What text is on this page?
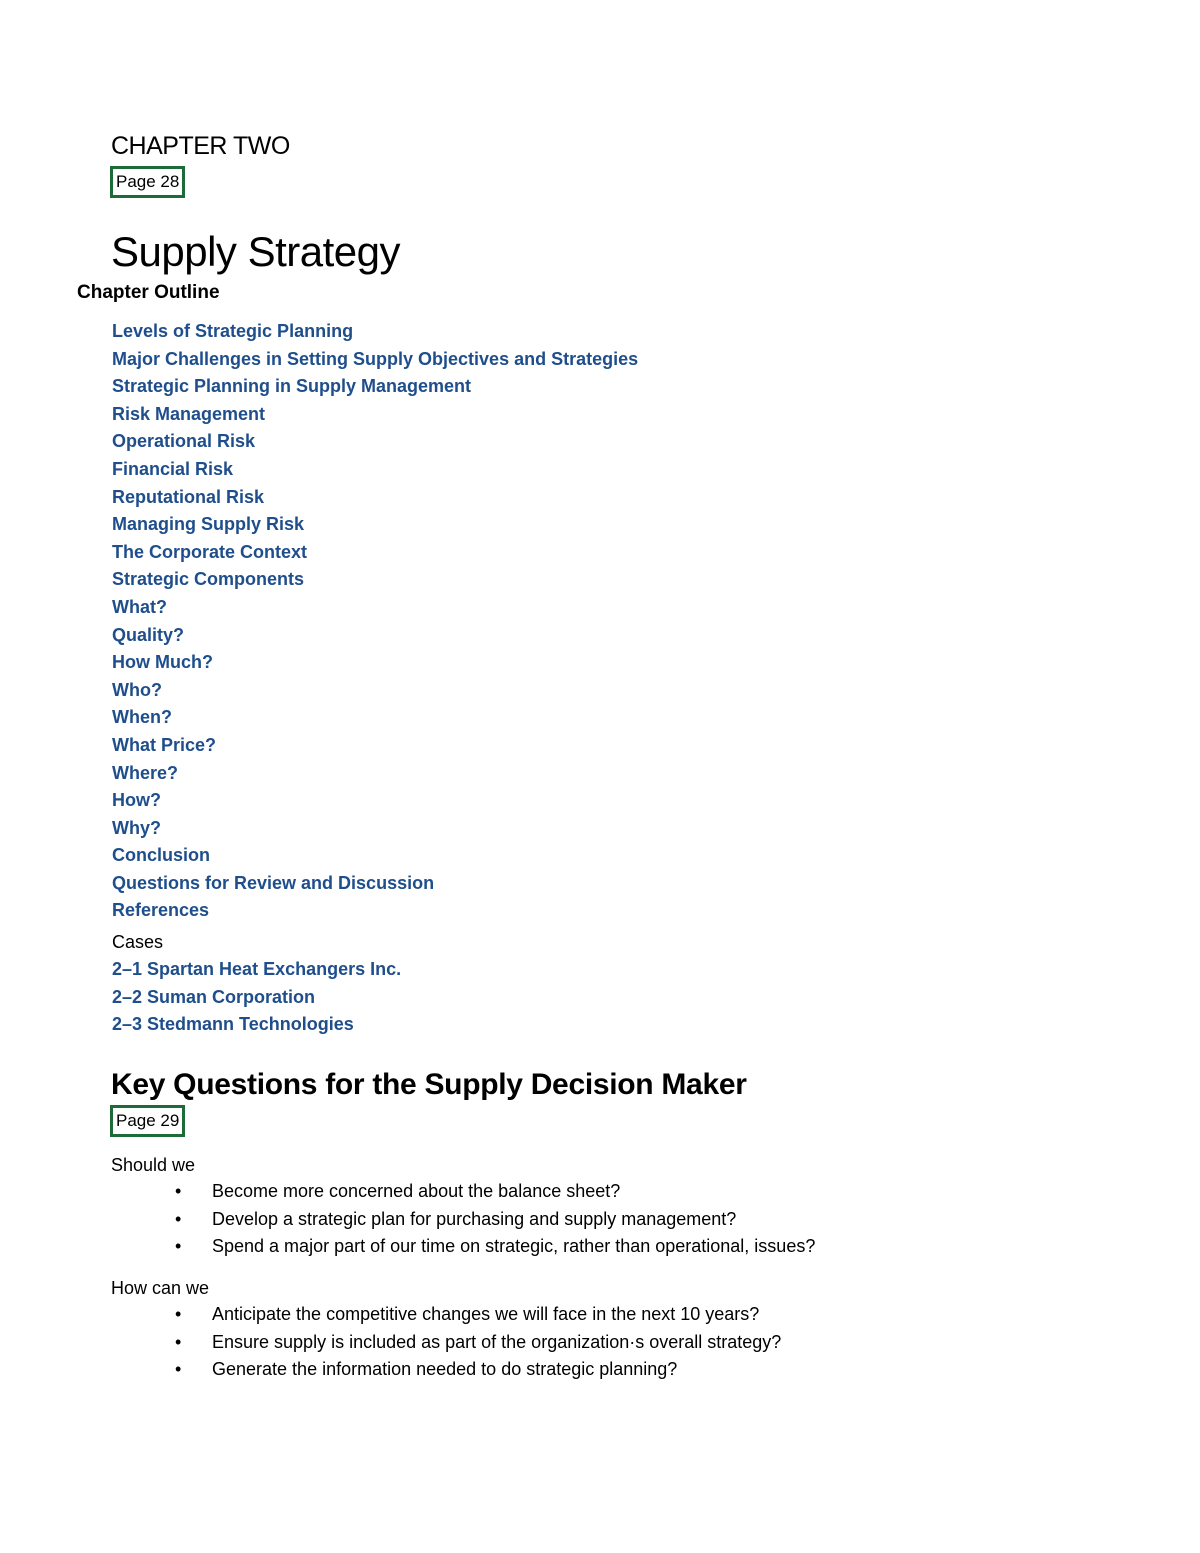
CHAPTER TWO
Page 28
Supply Strategy
Chapter Outline
Levels of Strategic Planning
Major Challenges in Setting Supply Objectives and Strategies
Strategic Planning in Supply Management
Risk Management
Operational Risk
Financial Risk
Reputational Risk
Managing Supply Risk
The Corporate Context
Strategic Components
What?
Quality?
How Much?
Who?
When?
What Price?
Where?
How?
Why?
Conclusion
Questions for Review and Discussion
References
Cases
2–1 Spartan Heat Exchangers Inc.
2–2 Suman Corporation
2–3 Stedmann Technologies
Key Questions for the Supply Decision Maker
Page 29
Should we
• Become more concerned about the balance sheet?
• Develop a strategic plan for purchasing and supply management?
• Spend a major part of our time on strategic, rather than operational, issues?
How can we
• Anticipate the competitive changes we will face in the next 10 years?
• Ensure supply is included as part of the organization·s overall strategy?
• Generate the information needed to do strategic planning?
